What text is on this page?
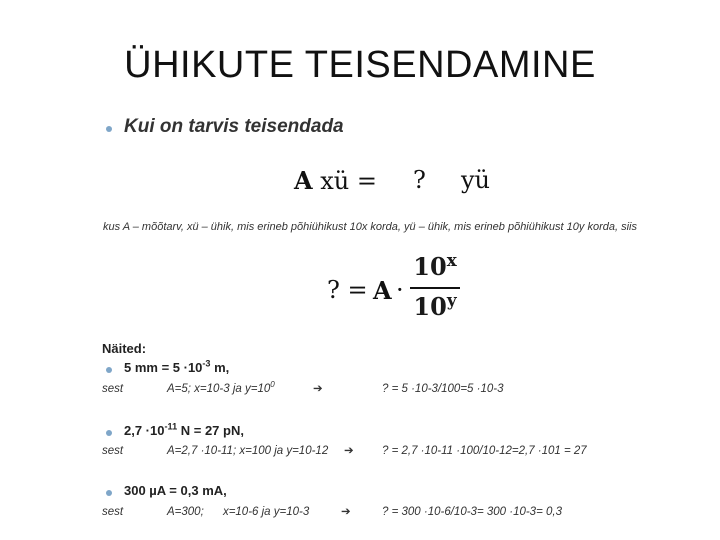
ÜHIKUTE TEISENDAMINE
Kui on tarvis teisendada
A xü = ? yü
kus A – mõõtarv, xü – ühik, mis erineb põhiühikust 10x korda, yü – ühik, mis erineb põhiühikust 10y korda, siis
? = A ·
$10^x$
10$^y$
Näited:
5 mm = $5 \cdot 10^{-3}$ m,
sest	A=5; x=10-3 ja $y=10^0$	➔	? = 5 ·10-3/100=5 ·10-3
$2,7 \cdot 10^{-11}$ N = 27 pN,
sest	A=2,7 ·10-11; x=100 ja y=10-12 ➔ ? = 2,7 ·10-11 ·100/10-12=2,7 ·101 = 27
300 µA = 0,3 mA,
sest	A=300;      x=10-6 ja y=10-3	➔	? = 300 ·10-6/10-3= 300 ·10-3= 0,3
